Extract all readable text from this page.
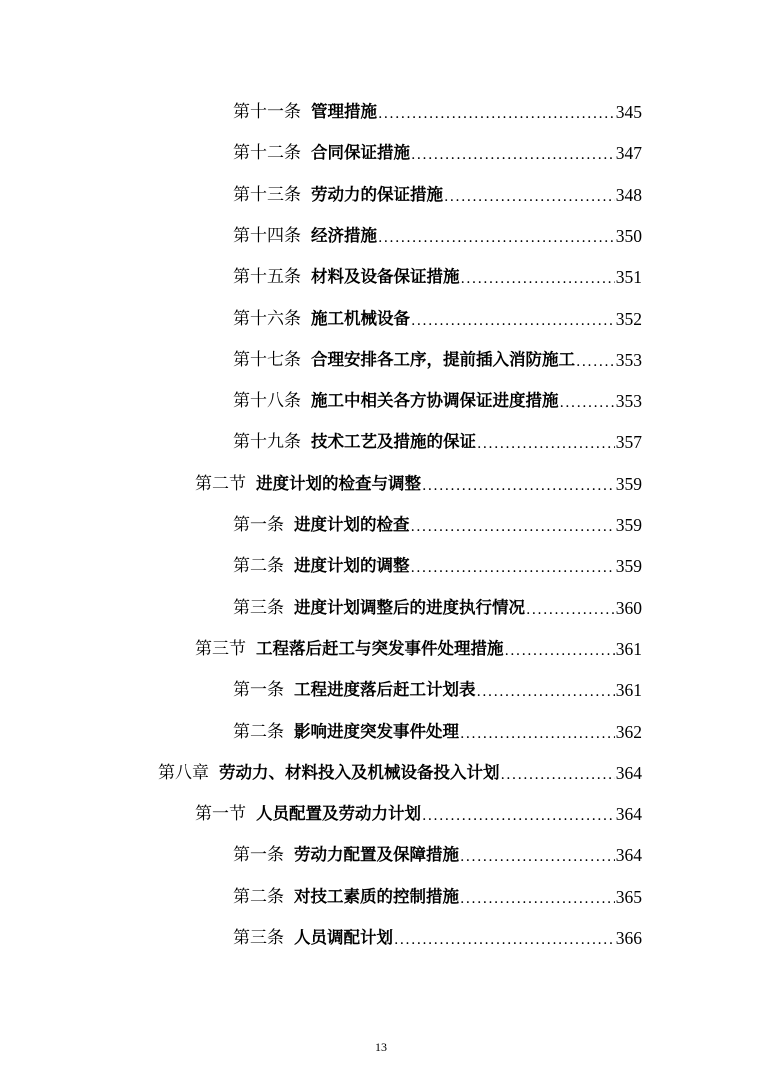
第十一条 管理措施 .....	345
第十二条 合同保证措施 .....	347
第十三条 劳动力的保证措施 .....	348
第十四条 经济措施 .....	350
第十五条 材料及设备保证措施 .....	351
第十六条 施工机械设备 .....	352
第十七条 合理安排各工序，提前插入消防施工 ..... 353
第十八条 施工中相关各方协调保证进度措施 .....	353
第十九条 技术工艺及措施的保证 .....	357
第二节 进度计划的检查与调整 .....	359
第一条 进度计划的检查 .....	359
第二条 进度计划的调整 .....	359
第三条 进度计划调整后的进度执行情况 .....	360
第三节 工程落后赶工与突发事件处理措施 .....	361
第一条 工程进度落后赶工计划表 .....	361
第二条 影响进度突发事件处理 .....	362
第八章 劳动力、材料投入及机械设备投入计划 .....	364
第一节 人员配置及劳动力计划 .....	364
第一条 劳动力配置及保障措施 .....	364
第二条 对技工素质的控制措施 .....	365
第三条 人员调配计划 .....	366
13
